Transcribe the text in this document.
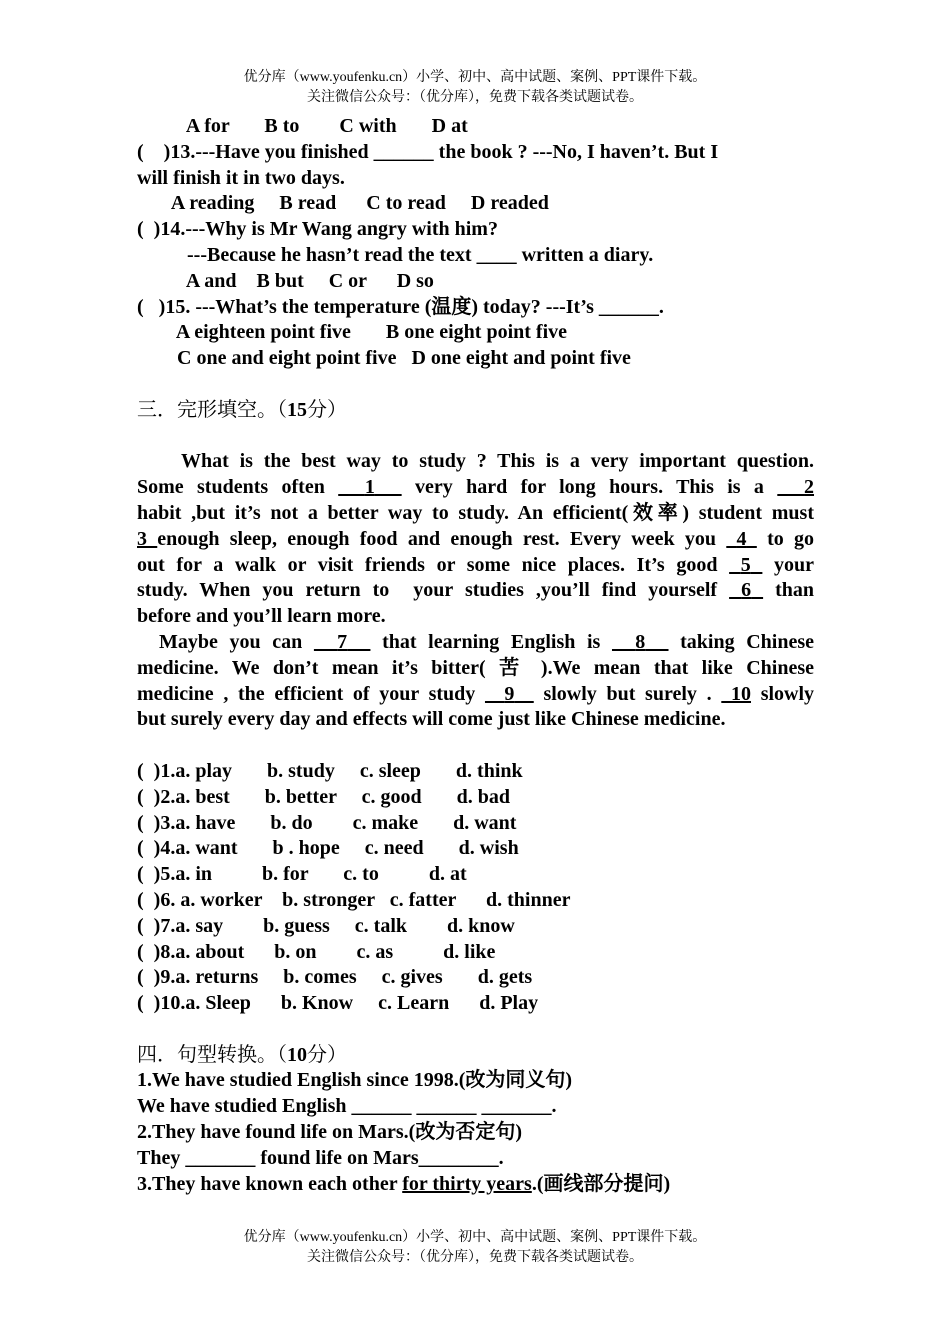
优分库（www.youfenku.cn）小学、初中、高中试题、案例、PPT课件下载。
关注微信公众号：（优分库），免费下载各类试题试卷。
A for       B to        C with       D at
(    )13.---Have you finished ______ the book ? ---No, I haven’t. But I
will finish it in two days.
A reading     B read      C to read     D readed
(  )14.---Why is Mr Wang angry with him?
---Because he hasn’t read the text ____ written a diary.
A and    B but     C or      D so
(   )15. ---What’s the temperature (温度) today? ---It’s ______.
A eighteen point five       B one eight point five
C one and eight point five   D one eight and point five
三．完形填空。（15分）
What is the best way to study ? This is a very important question.
Some students often   1   very hard for long hours. This is a   2
habit ,but it’s not a better way to study. An efficient(效率) student must
3 enough sleep, enough food and enough rest. Every week you  4  to go
out for a walk or visit friends or some nice places. It’s good  5  your
study. When you return to  your studies ,you’ll find yourself  6  than
before and you’ll learn more.
Maybe you can   7   that learning English is   8   taking Chinese
medicine. We don’t mean it’s bitter( 苦 ).We mean that like Chinese
medicine , the efficient of your study   9   slowly but surely .  10 slowly
but surely every day and effects will come just like Chinese medicine.
(  )1.a. play       b. study     c. sleep       d. think
(  )2.a. best       b. better     c. good       d. bad
(  )3.a. have       b. do        c. make       d. want
(  )4.a. want       b . hope     c. need       d. wish
(  )5.a. in          b. for       c. to          d. at
(  )6. a. worker    b. stronger   c. fatter      d. thinner
(  )7.a. say        b. guess     c. talk        d. know
(  )8.a. about      b. on        c. as          d. like
(  )9.a. returns     b. comes     c. gives       d. gets
(  )10.a. Sleep      b. Know     c. Learn      d. Play
四．句型转换。（10分）
1.We have studied English since 1998.(改为同义句)
We have studied English ______ ______ _______.
2.They have found life on Mars.(改为否定句)
They _______ found life on Mars________.
3.They have known each other for thirty years.(画线部分提问)
优分库（www.youfenku.cn）小学、初中、高中试题、案例、PPT课件下载。
关注微信公众号：（优分库），免费下载各类试题试卷。
